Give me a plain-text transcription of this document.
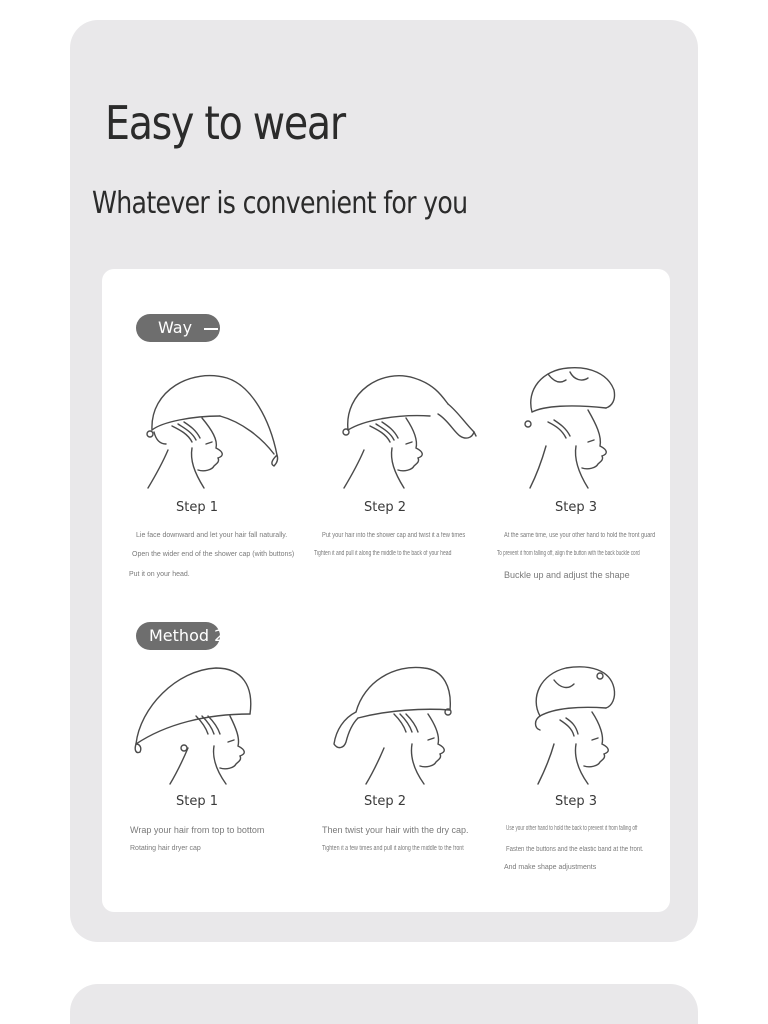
Easy to wear
Whatever is convenient for you
Way
Step 1	Step 2	Step 3
Lie face downward and let your hair fall naturally.
Open the wider end of the shower cap (with buttons)
Put it on your head.
Put your hair into the shower cap and twist it a few times
Tighten it and pull it along the middle to the back of your head
At the same time, use your other hand to hold the front guard
To prevent it from falling off, align the button with the back buckle cord
Buckle up and adjust the shape
Method 2
Step 1	Step 2	Step 3
Wrap your hair from top to bottom
Rotating hair dryer cap
Then twist your hair with the dry cap.
Tighten it a few times and pull it along the middle to the front
Use your other hand to hold the back to prevent it from falling off
Fasten the buttons and the elastic band at the front.
And make shape adjustments
